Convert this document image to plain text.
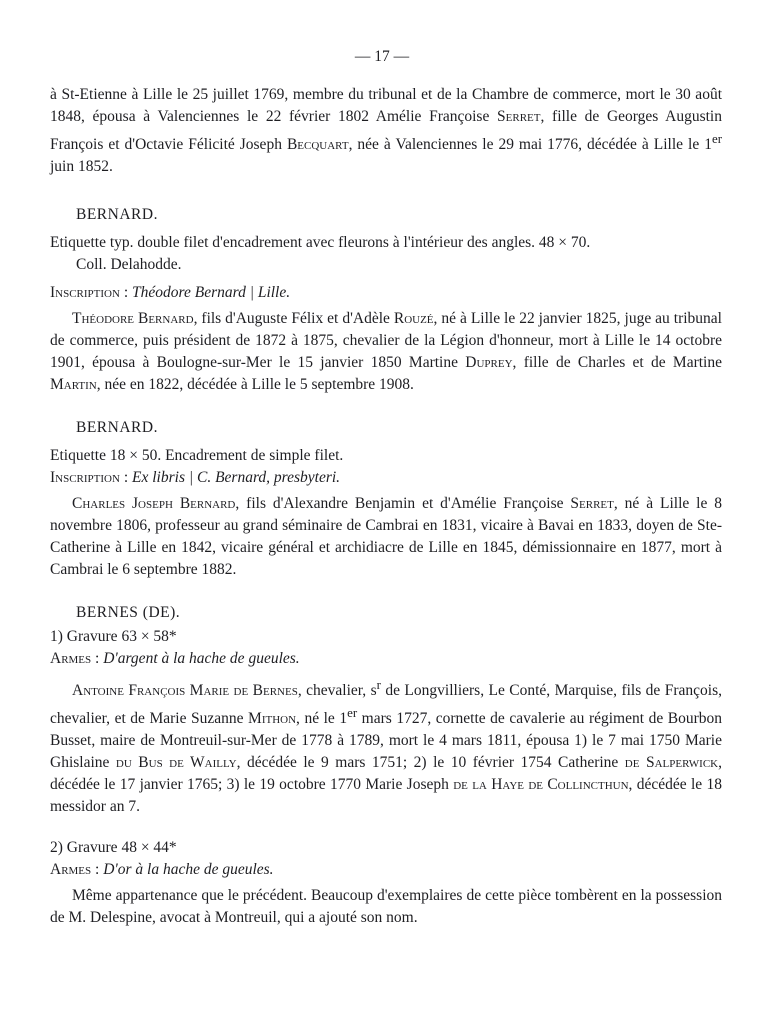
— 17 —

à St-Etienne à Lille le 25 juillet 1769, membre du tribunal et de la Chambre de commerce, mort le 30 août 1848, épousa à Valenciennes le 22 février 1802 Amélie Françoise Serret, fille de Georges Augustin François et d'Octavie Félicité Joseph Becquart, née à Valenciennes le 29 mai 1776, décédée à Lille le 1er juin 1852.

BERNARD.

Etiquette typ. double filet d'encadrement avec fleurons à l'intérieur des angles. 48 × 70.
Coll. Delahodde.

Inscription : Théodore Bernard | Lille.

Théodore Bernard, fils d'Auguste Félix et d'Adèle Rouzé, né à Lille le 22 janvier 1825, juge au tribunal de commerce, puis président de 1872 à 1875, chevalier de la Légion d'honneur, mort à Lille le 14 octobre 1901, épousa à Boulogne-sur-Mer le 15 janvier 1850 Martine Duprey, fille de Charles et de Martine Martin, née en 1822, décédée à Lille le 5 septembre 1908.

BERNARD.

Etiquette 18 × 50. Encadrement de simple filet.

Inscription : Ex libris | C. Bernard, presbyteri.

Charles Joseph Bernard, fils d'Alexandre Benjamin et d'Amélie Françoise Serret, né à Lille le 8 novembre 1806, professeur au grand séminaire de Cambrai en 1831, vicaire à Bavai en 1833, doyen de Ste-Catherine à Lille en 1842, vicaire général et archidiacre de Lille en 1845, démissionnaire en 1877, mort à Cambrai le 6 septembre 1882.

BERNES (DE).

1) Gravure 63 × 58*

Armes : D'argent à la hache de gueules.

Antoine François Marie de Bernes, chevalier, $s^r$ de Longvilliers, Le Conté, Marquise, fils de François, chevalier, et de Marie Suzanne Mithon, né le 1er mars 1727, cornette de cavalerie au régiment de Bourbon Busset, maire de Montreuil-sur-Mer de 1778 à 1789, mort le 4 mars 1811, épousa 1) le 7 mai 1750 Marie Ghislaine du Bus de Wailly, décédée le 9 mars 1751; 2) le 10 février 1754 Catherine de Salperwick, décédée le 17 janvier 1765; 3) le 19 octobre 1770 Marie Joseph de la Haye de Collincthun, décédée le 18 messidor an 7.

2) Gravure 48 × 44*

Armes : D'or à la hache de gueules.

Même appartenance que le précédent. Beaucoup d'exemplaires de cette pièce tombèrent en la possession de M. Delespine, avocat à Montreuil, qui a ajouté son nom.
